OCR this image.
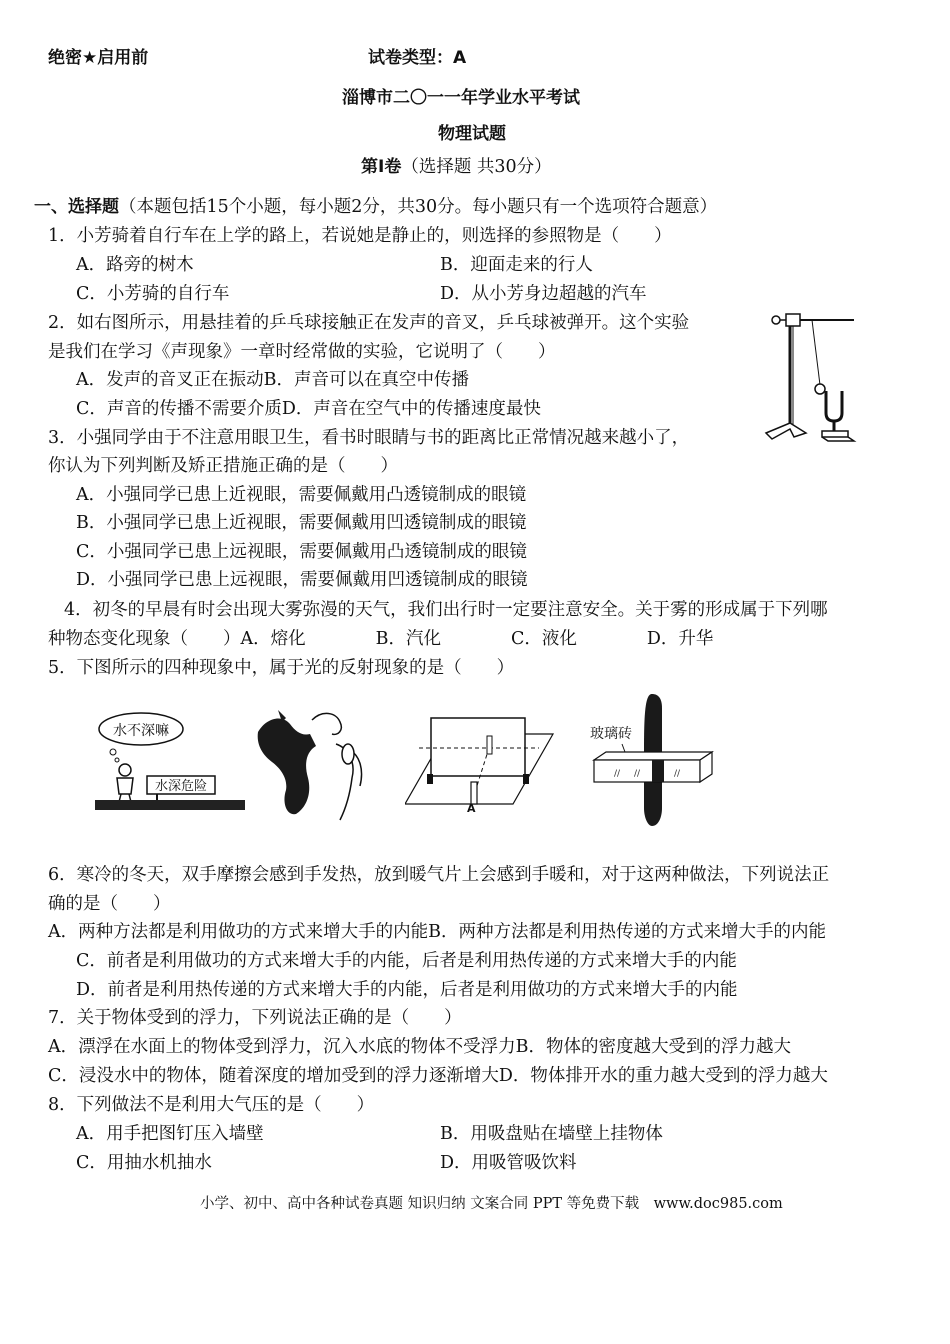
绝密★启用前	试卷类型：A
淄博市二〇一一年学业水平考试
物理试题
第Ⅰ卷（选择题 共30分）
一、选择题（本题包括15个小题，每小题2分，共30分。每小题只有一个选项符合题意）
1．小芳骑着自行车在上学的路上，若说她是静止的，则选择的参照物是（　　）
A．路旁的树木	B．迎面走来的行人
C．小芳骑的自行车	D．从小芳身边超越的汽车
2．如右图所示，用悬挂着的乒乓球接触正在发声的音叉，乒乓球被弹开。这个实验
是我们在学习《声现象》一章时经常做的实验，它说明了（　　）
A．发声的音叉正在振动B．声音可以在真空中传播
C．声音的传播不需要介质D．声音在空气中的传播速度最快
3．小强同学由于不注意用眼卫生，看书时眼睛与书的距离比正常情况越来越小了，
你认为下列判断及矫正措施正确的是（　　）
A．小强同学已患上近视眼，需要佩戴用凸透镜制成的眼镜
B．小强同学已患上近视眼，需要佩戴用凹透镜制成的眼镜
C．小强同学已患上远视眼，需要佩戴用凸透镜制成的眼镜
D．小强同学已患上远视眼，需要佩戴用凹透镜制成的眼镜
4．初冬的早晨有时会出现大雾弥漫的天气，我们出行时一定要注意安全。关于雾的形成属于下列哪
种物态变化现象（　　）A．熔化　　　　B．汽化　　　　C．液化　　　　D．升华
5．下图所示的四种现象中，属于光的反射现象的是（　　）
水不深嘛
水深危险
A
玻璃砖
// //	//
6．寒冷的冬天，双手摩擦会感到手发热，放到暖气片上会感到手暖和，对于这两种做法，下列说法正
确的是（　　）
A．两种方法都是利用做功的方式来增大手的内能B．两种方法都是利用热传递的方式来增大手的内能
C．前者是利用做功的方式来增大手的内能，后者是利用热传递的方式来增大手的内能
D．前者是利用热传递的方式来增大手的内能，后者是利用做功的方式来增大手的内能
7．关于物体受到的浮力，下列说法正确的是（　　）
A．漂浮在水面上的物体受到浮力，沉入水底的物体不受浮力B．物体的密度越大受到的浮力越大
C．浸没水中的物体，随着深度的增加受到的浮力逐渐增大D．物体排开水的重力越大受到的浮力越大
8．下列做法不是利用大气压的是（　　）
A．用手把图钉压入墙壁	B．用吸盘贴在墙壁上挂物体
C．用抽水机抽水	D．用吸管吸饮料
小学、初中、高中各种试卷真题 知识归纳 文案合同 PPT 等免费下载　www.doc985.com
